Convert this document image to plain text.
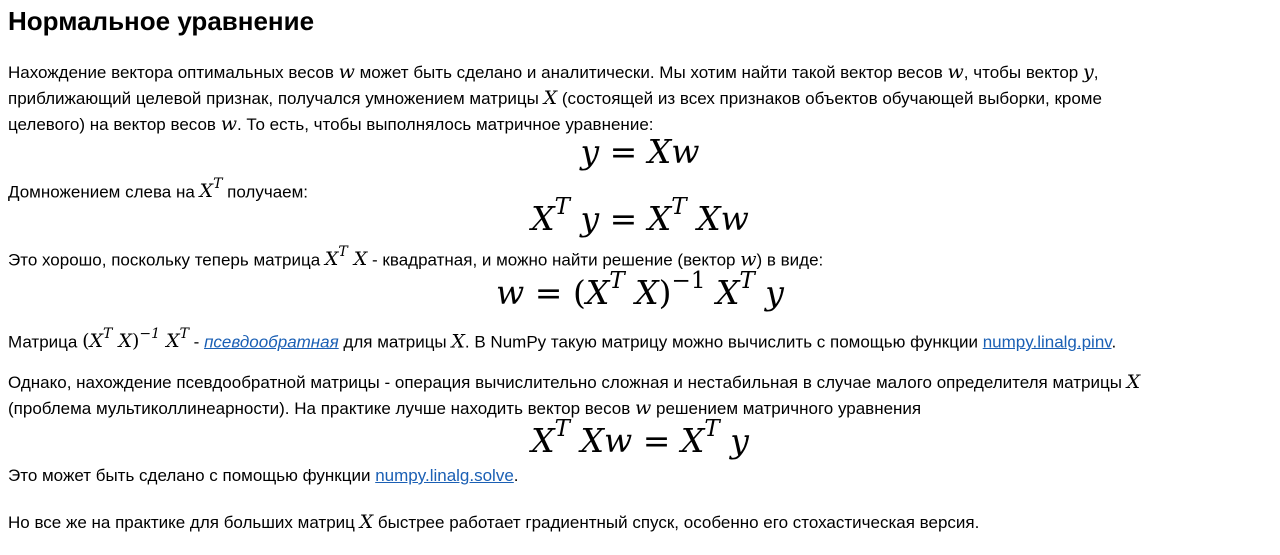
Нормальное уравнение
Нахождение вектора оптимальных весов w может быть сделано и аналитически. Мы хотим найти такой вектор весов w, чтобы вектор y,
приближающий целевой признак, получался умножением матрицы X (состоящей из всех признаков объектов обучающей выборки, кроме
целевого) на вектор весов w. То есть, чтобы выполнялось матричное уравнение:
y = Xw
Домножением слева на $X^T$ получаем:
$X^T$ $y = X^T$ Xw
Это хорошо, поскольку теперь матрица $X^T$ X - квадратная, и можно найти решение (вектор w) в виде:
$w = (X^T$ X)$^{-1}$ $X^T$ y
Матрица ($X^T$ X)$^{-1}$ $X^T$ - псевдообратная для матрицы X. В NumPy такую матрицу можно вычислить с помощью функции numpy.linalg.pinv.
Однако, нахождение псевдообратной матрицы - операция вычислительно сложная и нестабильная в случае малого определителя матрицы X
(проблема мультиколлинеарности). На практике лучше находить вектор весов w решением матричного уравнения
$X^T$ $Xw = X^T$ y
Это может быть сделано с помощью функции numpy.linalg.solve.
Но все же на практике для больших матриц X быстрее работает градиентный спуск, особенно его стохастическая версия.
